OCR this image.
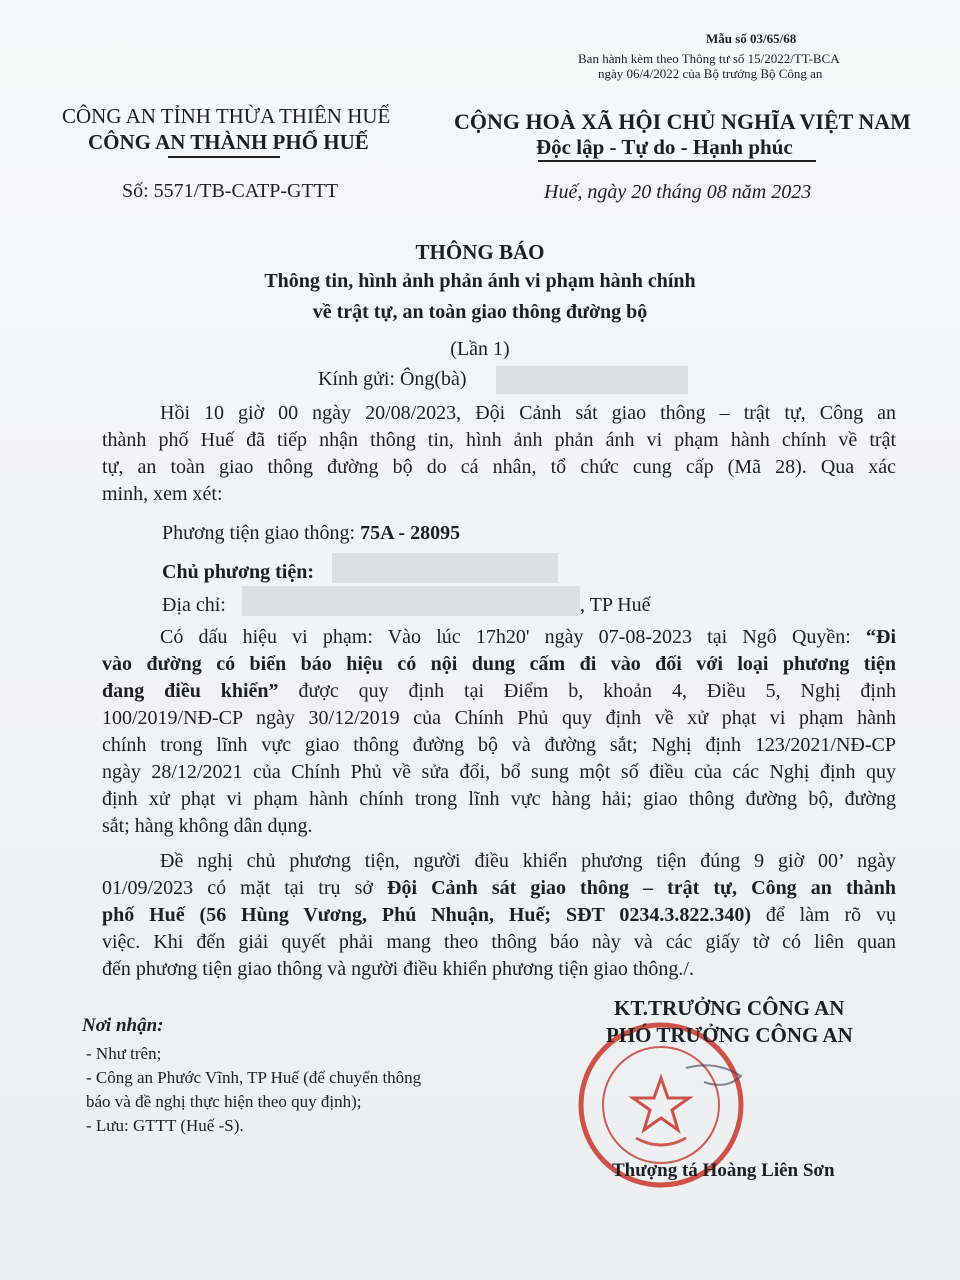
Mẫu số 03/65/68
Ban hành kèm theo Thông tư số 15/2022/TT-BCA
ngày 06/4/2022 của Bộ trưởng Bộ Công an
CÔNG AN TỈNH THỪA THIÊN HUẾ
CÔNG AN THÀNH PHỐ HUẾ
CỘNG HOÀ XÃ HỘI CHỦ NGHĨA VIỆT NAM
Độc lập - Tự do - Hạnh phúc
Số: 5571/TB-CATP-GTTT	Huế, ngày 20 tháng 08 năm 2023
THÔNG BÁO
Thông tin, hình ảnh phản ánh vi phạm hành chính
về trật tự, an toàn giao thông đường bộ
(Lần 1)
Kính gửi: Ông(bà)
Hồi 10 giờ 00 ngày 20/08/2023, Đội Cảnh sát giao thông – trật tự, Công an
thành phố Huế đã tiếp nhận thông tin, hình ảnh phản ánh vi phạm hành chính về trật
tự, an toàn giao thông đường bộ do cá nhân, tổ chức cung cấp (Mã 28). Qua xác
minh, xem xét:
Phương tiện giao thông: 75A - 28095
Chủ phương tiện:
Địa chỉ:	, TP Huế
Có dấu hiệu vi phạm: Vào lúc 17h20' ngày 07-08-2023 tại Ngô Quyền: “Đi
vào đường có biển báo hiệu có nội dung cấm đi vào đối với loại phương tiện
đang điều khiển” được quy định tại Điểm b, khoản 4, Điều 5, Nghị định
100/2019/NĐ-CP ngày 30/12/2019 của Chính Phủ quy định về xử phạt vi phạm hành
chính trong lĩnh vực giao thông đường bộ và đường sắt; Nghị định 123/2021/NĐ-CP
ngày 28/12/2021 của Chính Phủ về sửa đổi, bổ sung một số điều của các Nghị định quy
định xử phạt vi phạm hành chính trong lĩnh vực hàng hải; giao thông đường bộ, đường
sắt; hàng không dân dụng.
Đề nghị chủ phương tiện, người điều khiển phương tiện đúng 9 giờ 00’ ngày
01/09/2023 có mặt tại trụ sở Đội Cảnh sát giao thông – trật tự, Công an thành
phố Huế (56 Hùng Vương, Phú Nhuận, Huế; SĐT 0234.3.822.340) để làm rõ vụ
việc. Khi đến giải quyết phải mang theo thông báo này và các giấy tờ có liên quan
đến phương tiện giao thông và người điều khiển phương tiện giao thông./.
Nơi nhận:
- Như trên;
- Công an Phước Vĩnh, TP Huế (để chuyển thông
báo và đề nghị thực hiện theo quy định);
- Lưu: GTTT (Huế -S).
KT.TRƯỞNG CÔNG AN
PHÓ TRƯỞNG CÔNG AN
Thượng tá Hoàng Liên Sơn
